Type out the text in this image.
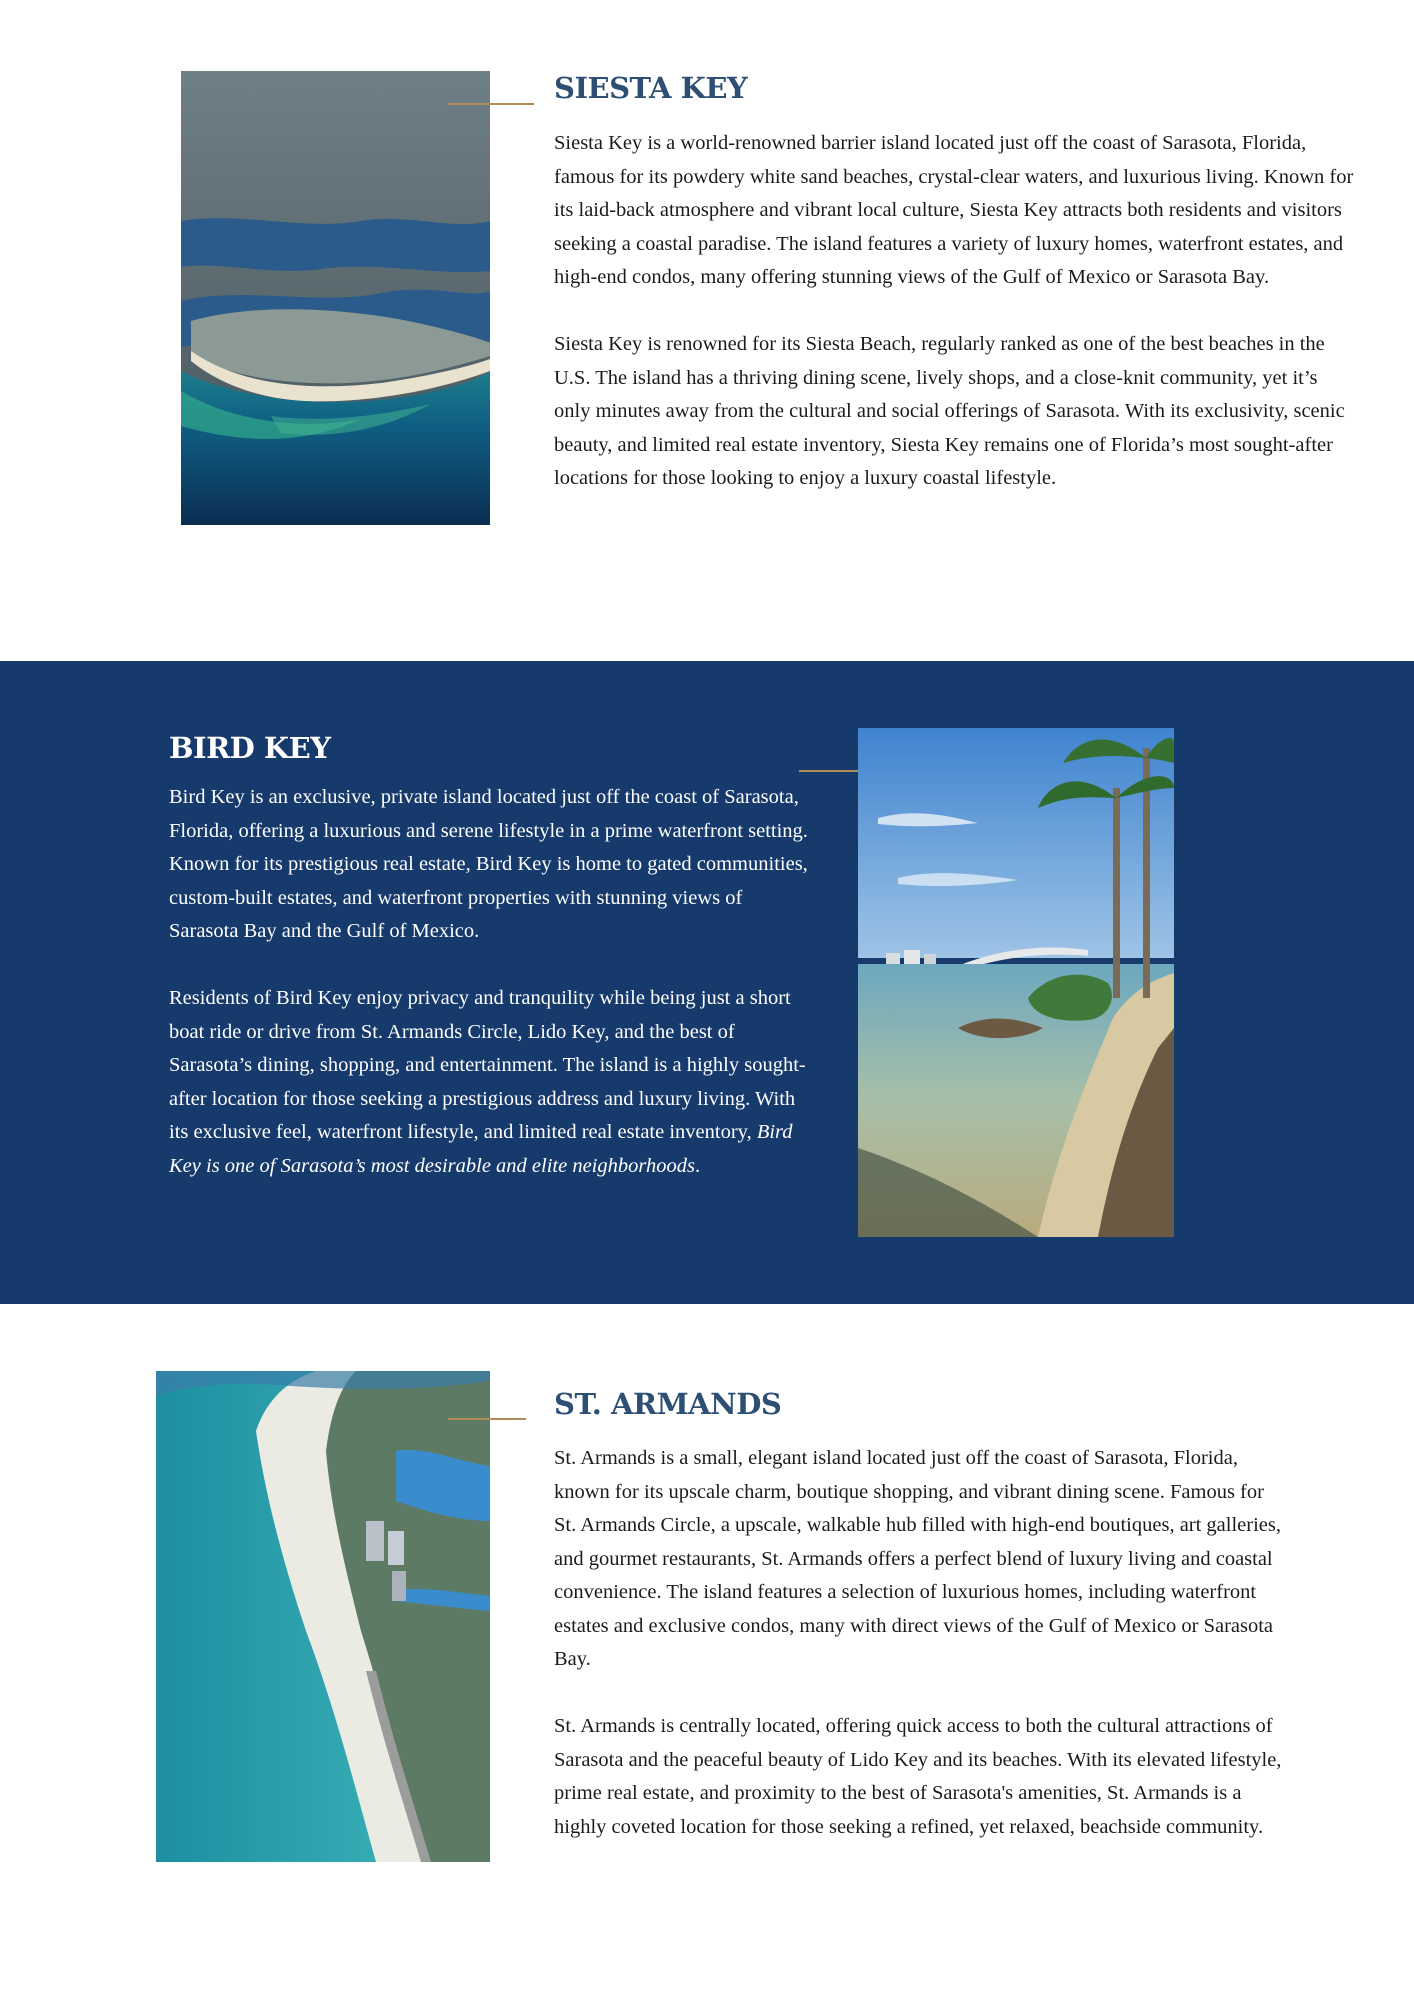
SIESTA KEY

Siesta Key is a world-renowned barrier island located just off the coast of Sarasota, Florida, famous for its powdery white sand beaches, crystal-clear waters, and luxurious living. Known for its laid-back atmosphere and vibrant local culture, Siesta Key attracts both residents and visitors seeking a coastal paradise. The island features a variety of luxury homes, waterfront estates, and high-end condos, many offering stunning views of the Gulf of Mexico or Sarasota Bay.

Siesta Key is renowned for its Siesta Beach, regularly ranked as one of the best beaches in the U.S. The island has a thriving dining scene, lively shops, and a close-knit community, yet it’s only minutes away from the cultural and social offerings of Sarasota. With its exclusivity, scenic beauty, and limited real estate inventory, Siesta Key remains one of Florida’s most sought-after locations for those looking to enjoy a luxury coastal lifestyle.

BIRD KEY

Bird Key is an exclusive, private island located just off the coast of Sarasota, Florida, offering a luxurious and serene lifestyle in a prime waterfront setting. Known for its prestigious real estate, Bird Key is home to gated communities, custom-built estates, and waterfront properties with stunning views of Sarasota Bay and the Gulf of Mexico.

Residents of Bird Key enjoy privacy and tranquility while being just a short boat ride or drive from St. Armands Circle, Lido Key, and the best of Sarasota’s dining, shopping, and entertainment. The island is a highly sought-after location for those seeking a prestigious address and luxury living. With its exclusive feel, waterfront lifestyle, and limited real estate inventory, Bird Key is one of Sarasota’s most desirable and elite neighborhoods.

ST. ARMANDS

St. Armands is a small, elegant island located just off the coast of Sarasota, Florida, known for its upscale charm, boutique shopping, and vibrant dining scene. Famous for St. Armands Circle, a upscale, walkable hub filled with high-end boutiques, art galleries, and gourmet restaurants, St. Armands offers a perfect blend of luxury living and coastal convenience. The island features a selection of luxurious homes, including waterfront estates and exclusive condos, many with direct views of the Gulf of Mexico or Sarasota Bay.

St. Armands is centrally located, offering quick access to both the cultural attractions of Sarasota and the peaceful beauty of Lido Key and its beaches. With its elevated lifestyle, prime real estate, and proximity to the best of Sarasota's amenities, St. Armands is a highly coveted location for those seeking a refined, yet relaxed, beachside community.
